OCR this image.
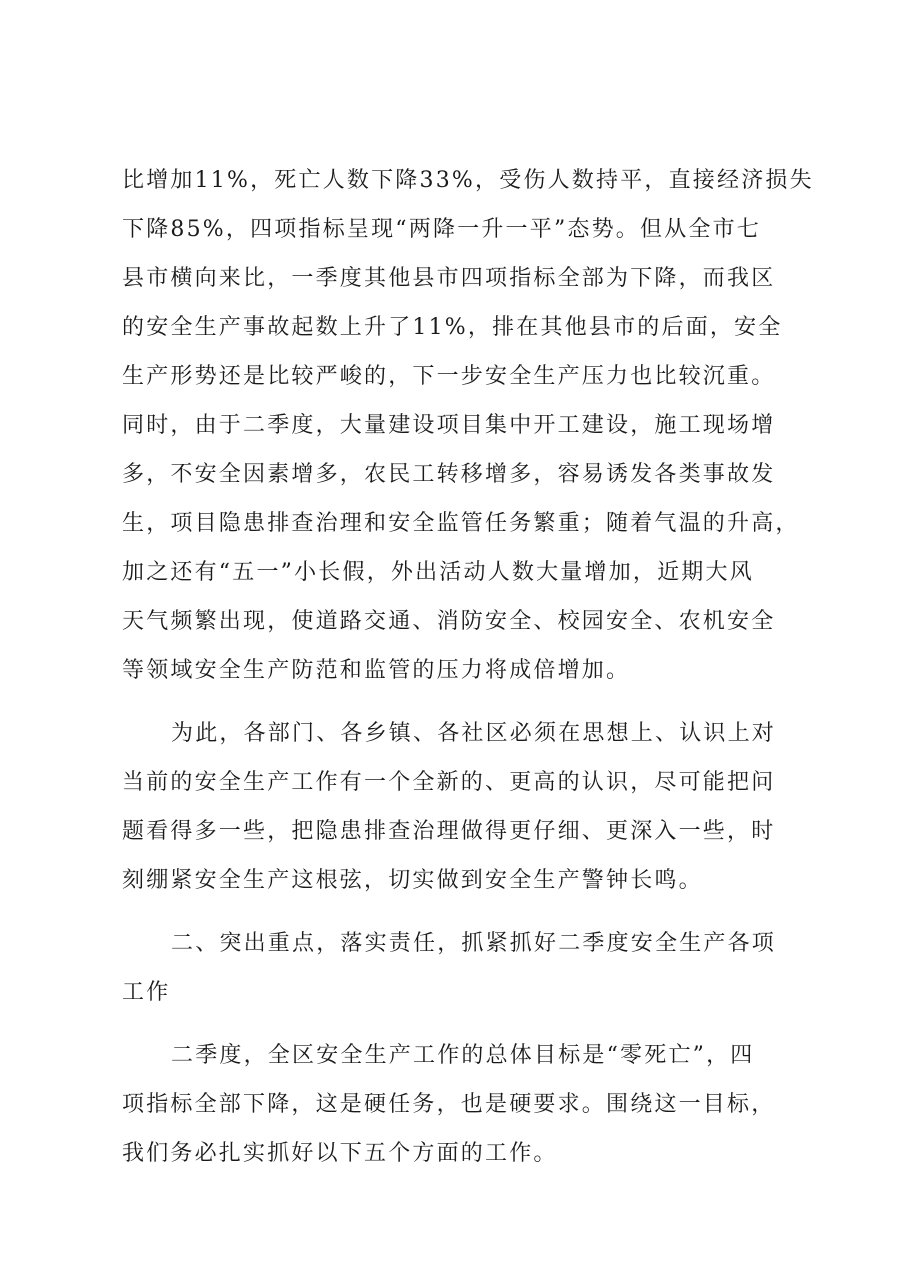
比增加11%，死亡人数下降33%，受伤人数持平，直接经济损失
下降85%，四项指标呈现“两降一升一平”态势。但从全市七
县市横向来比，一季度其他县市四项指标全部为下降，而我区
的安全生产事故起数上升了11%，排在其他县市的后面，安全
生产形势还是比较严峻的，下一步安全生产压力也比较沉重。
同时，由于二季度，大量建设项目集中开工建设，施工现场增
多，不安全因素增多，农民工转移增多，容易诱发各类事故发
生，项目隐患排查治理和安全监管任务繁重；随着气温的升高，
加之还有“五一”小长假，外出活动人数大量增加，近期大风
天气频繁出现，使道路交通、消防安全、校园安全、农机安全
等领域安全生产防范和监管的压力将成倍增加。
为此，各部门、各乡镇、各社区必须在思想上、认识上对
当前的安全生产工作有一个全新的、更高的认识，尽可能把问
题看得多一些，把隐患排查治理做得更仔细、更深入一些，时
刻绷紧安全生产这根弦，切实做到安全生产警钟长鸣。
二、突出重点，落实责任，抓紧抓好二季度安全生产各项
工作
二季度，全区安全生产工作的总体目标是“零死亡”，四
项指标全部下降，这是硬任务，也是硬要求。围绕这一目标，
我们务必扎实抓好以下五个方面的工作。
